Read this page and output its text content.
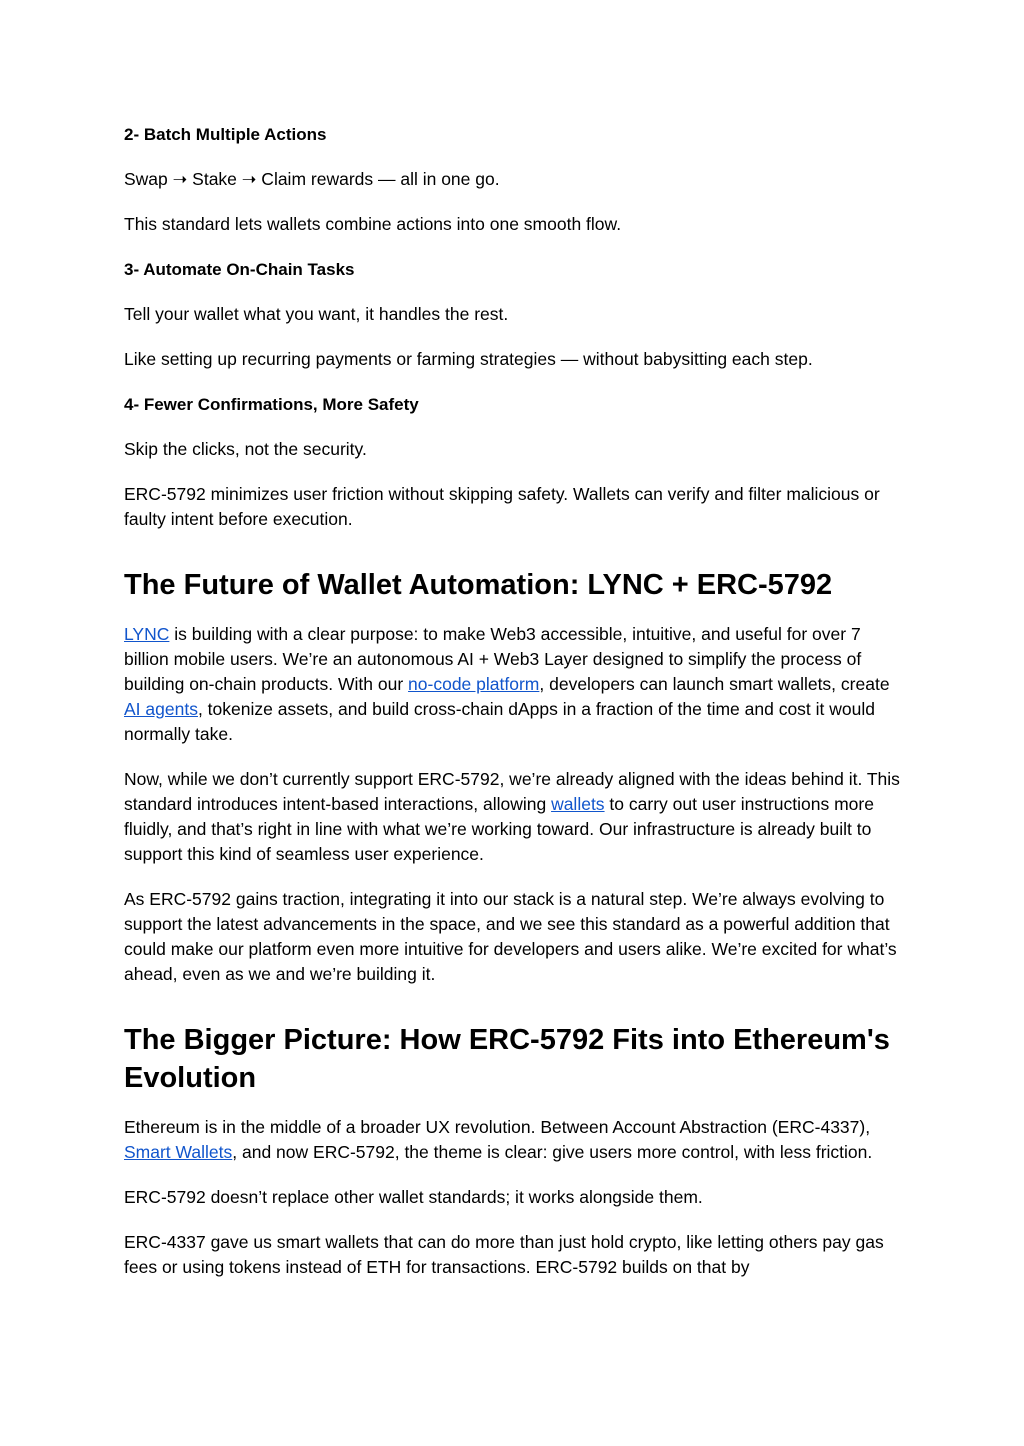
2- Batch Multiple Actions

Swap ➝ Stake ➝ Claim rewards — all in one go.

This standard lets wallets combine actions into one smooth flow.

3- Automate On-Chain Tasks

Tell your wallet what you want, it handles the rest.

Like setting up recurring payments or farming strategies — without babysitting each step.

4- Fewer Confirmations, More Safety

Skip the clicks, not the security.

ERC-5792 minimizes user friction without skipping safety. Wallets can verify and filter malicious or faulty intent before execution.

The Future of Wallet Automation: LYNC + ERC-5792

LYNC is building with a clear purpose: to make Web3 accessible, intuitive, and useful for over 7 billion mobile users. We’re an autonomous AI + Web3 Layer designed to simplify the process of building on-chain products. With our no-code platform, developers can launch smart wallets, create AI agents, tokenize assets, and build cross-chain dApps in a fraction of the time and cost it would normally take.

Now, while we don’t currently support ERC-5792, we’re already aligned with the ideas behind it. This standard introduces intent-based interactions, allowing wallets to carry out user instructions more fluidly, and that’s right in line with what we’re working toward. Our infrastructure is already built to support this kind of seamless user experience.

As ERC-5792 gains traction, integrating it into our stack is a natural step. We’re always evolving to support the latest advancements in the space, and we see this standard as a powerful addition that could make our platform even more intuitive for developers and users alike. We’re excited for what’s ahead, even as we and we’re building it.

The Bigger Picture: How ERC-5792 Fits into Ethereum's Evolution

Ethereum is in the middle of a broader UX revolution. Between Account Abstraction (ERC-4337), Smart Wallets, and now ERC-5792, the theme is clear: give users more control, with less friction.

ERC-5792 doesn’t replace other wallet standards; it works alongside them.

ERC-4337 gave us smart wallets that can do more than just hold crypto, like letting others pay gas fees or using tokens instead of ETH for transactions. ERC-5792 builds on that by
